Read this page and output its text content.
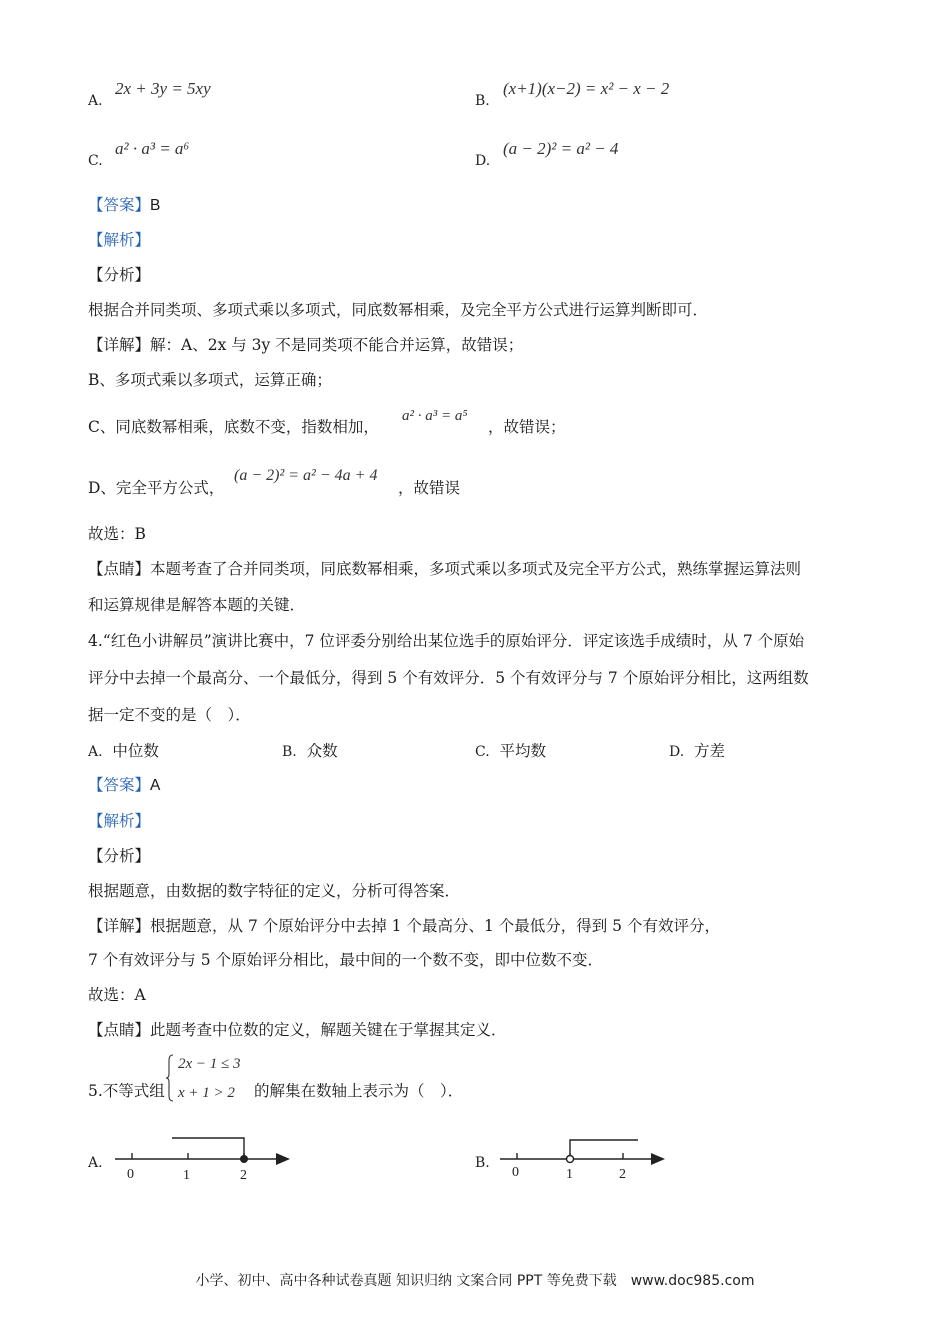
A.
2x + 3y = 5xy
B.
(x+1)(x−2) = x² − x − 2
C.
a² · a³ = a⁶
D.
(a − 2)² = a² − 4
【答案】B
【解析】
【分析】
根据合并同类项、多项式乘以多项式，同底数幂相乘，及完全平方公式进行运算判断即可．
【详解】解：A、2x 与 3y 不是同类项不能合并运算，故错误；
B、多项式乘以多项式，运算正确；
C、同底数幂相乘，底数不变，指数相加，
a² · a³ = a⁵
，故错误；
D、完全平方公式，
(a − 2)² = a² − 4a + 4
，故错误
故选：B
【点睛】本题考查了合并同类项，同底数幂相乘，多项式乘以多项式及完全平方公式，熟练掌握运算法则
和运算规律是解答本题的关键．
4.“红色小讲解员”演讲比赛中，7 位评委分别给出某位选手的原始评分．评定该选手成绩时，从 7 个原始
评分中去掉一个最高分、一个最低分，得到 5 个有效评分．5 个有效评分与 7 个原始评分相比，这两组数
据一定不变的是（　）．
A. 中位数	B. 众数	C. 平均数	D. 方差
【答案】A
【解析】
【分析】
根据题意，由数据的数字特征的定义，分析可得答案．
【详解】根据题意，从 7 个原始评分中去掉 1 个最高分、1 个最低分，得到 5 个有效评分，
7 个有效评分与 5 个原始评分相比，最中间的一个数不变，即中位数不变．
故选：A
【点睛】此题考查中位数的定义，解题关键在于掌握其定义．
5.不等式组
2x − 1 ≤ 3
x + 1 > 2 的解集在数轴上表示为（　）．
A.
0	1	2
B.
0	1	2
小学、初中、高中各种试卷真题 知识归纳 文案合同 PPT 等免费下载　www.doc985.com
